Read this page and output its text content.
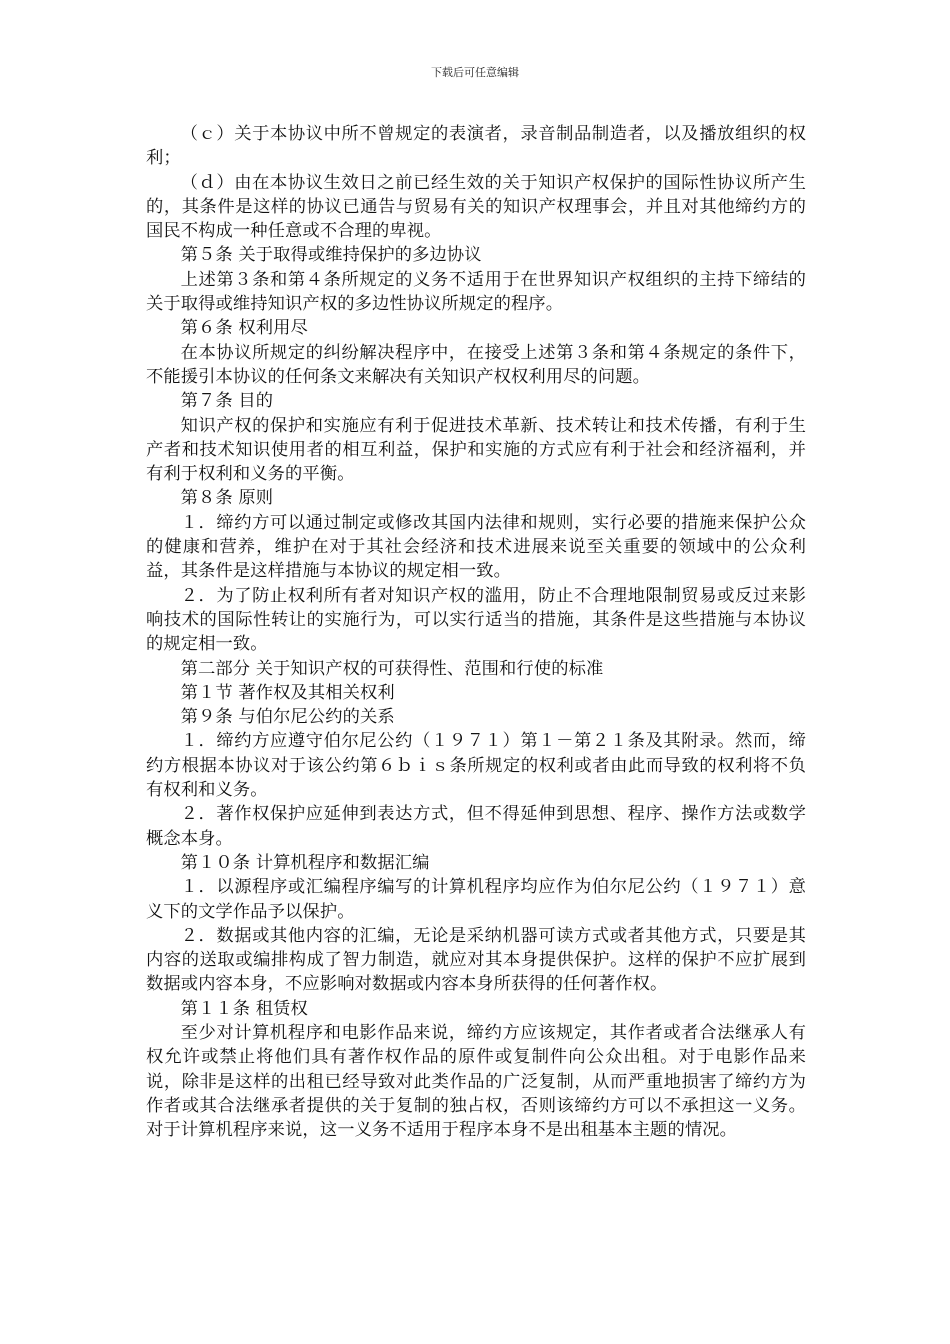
下载后可任意编辑

（ｃ）关于本协议中所不曾规定的表演者，录音制品制造者，以及播放组织的权利；

（ｄ）由在本协议生效日之前已经生效的关于知识产权保护的国际性协议所产生的，其条件是这样的协议已通告与贸易有关的知识产权理事会，并且对其他缔约方的国民不构成一种任意或不合理的卑视。

第５条 关于取得或维持保护的多边协议

上述第３条和第４条所规定的义务不适用于在世界知识产权组织的主持下缔结的关于取得或维持知识产权的多边性协议所规定的程序。

第６条 权利用尽

在本协议所规定的纠纷解决程序中，在接受上述第３条和第４条规定的条件下，不能援引本协议的任何条文来解决有关知识产权权利用尽的问题。

第７条 目的

知识产权的保护和实施应有利于促进技术革新、技术转让和技术传播，有利于生产者和技术知识使用者的相互利益，保护和实施的方式应有利于社会和经济福利，并有利于权利和义务的平衡。

第８条 原则

１．缔约方可以通过制定或修改其国内法律和规则，实行必要的措施来保护公众的健康和营养，维护在对于其社会经济和技术进展来说至关重要的领域中的公众利益，其条件是这样措施与本协议的规定相一致。

２．为了防止权利所有者对知识产权的滥用，防止不合理地限制贸易或反过来影响技术的国际性转让的实施行为，可以实行适当的措施，其条件是这些措施与本协议的规定相一致。

第二部分 关于知识产权的可获得性、范围和行使的标准

第１节 著作权及其相关权利

第９条 与伯尔尼公约的关系

１．缔约方应遵守伯尔尼公约（１９７１）第１－第２１条及其附录。然而，缔约方根据本协议对于该公约第６ｂｉｓ条所规定的权利或者由此而导致的权利将不负有权利和义务。

２．著作权保护应延伸到表达方式，但不得延伸到思想、程序、操作方法或数学概念本身。

第１０条 计算机程序和数据汇编

１．以源程序或汇编程序编写的计算机程序均应作为伯尔尼公约（１９７１）意义下的文学作品予以保护。

２．数据或其他内容的汇编，无论是采纳机器可读方式或者其他方式，只要是其内容的送取或编排构成了智力制造，就应对其本身提供保护。这样的保护不应扩展到数据或内容本身，不应影响对数据或内容本身所获得的任何著作权。

第１１条 租赁权

至少对计算机程序和电影作品来说，缔约方应该规定，其作者或者合法继承人有权允许或禁止将他们具有著作权作品的原件或复制件向公众出租。对于电影作品来说，除非是这样的出租已经导致对此类作品的广泛复制，从而严重地损害了缔约方为作者或其合法继承者提供的关于复制的独占权，否则该缔约方可以不承担这一义务。对于计算机程序来说，这一义务不适用于程序本身不是出租基本主题的情况。
